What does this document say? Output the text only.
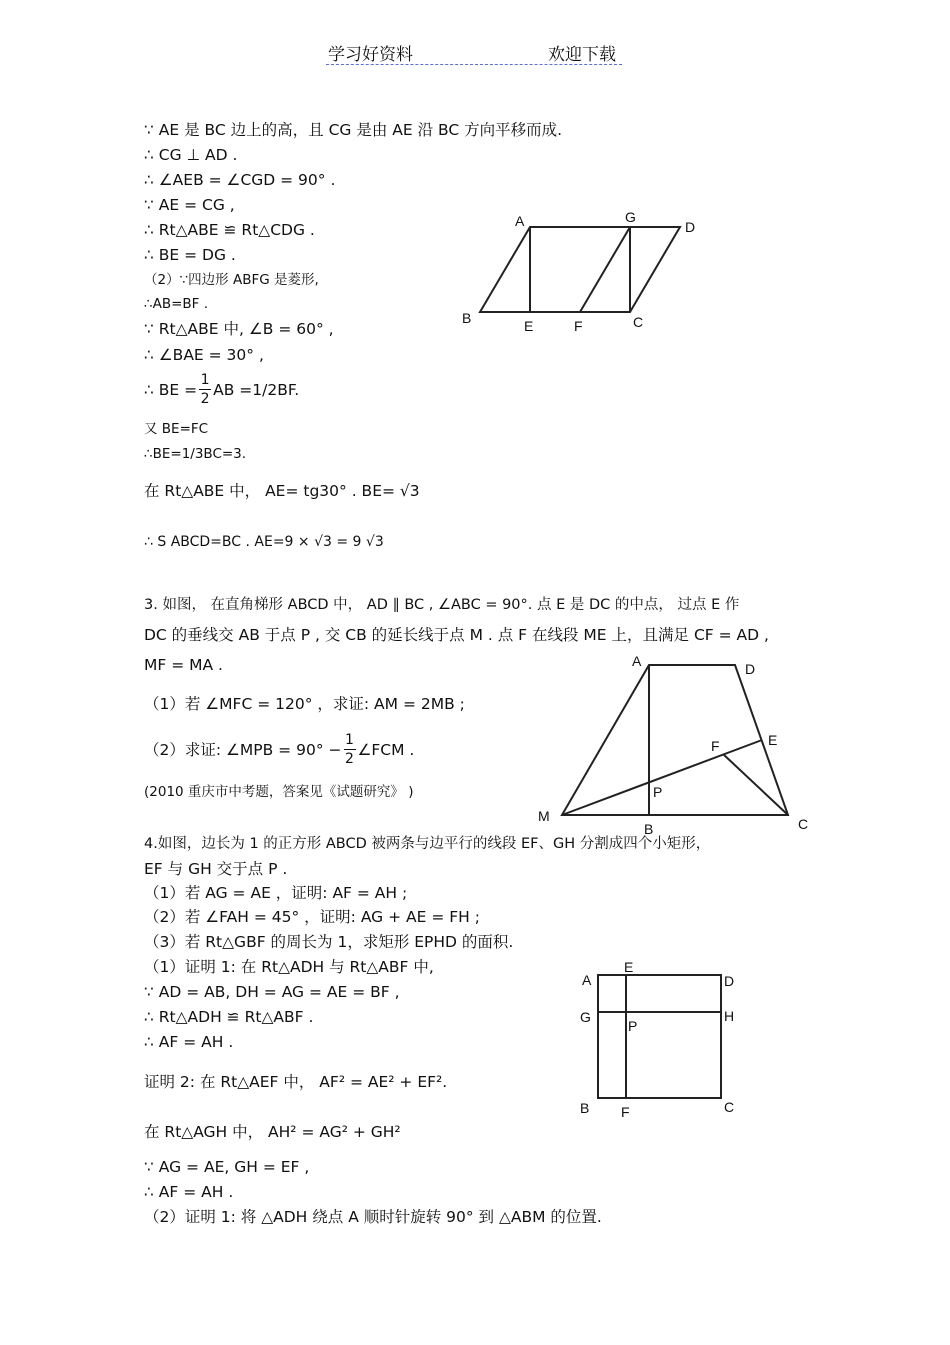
学习好资料	欢迎下载
∵ AE 是 BC 边上的高，且 CG 是由 AE 沿 BC 方向平移而成.
∴ CG ⊥ AD .
∴ ∠AEB = ∠CGD = 90° .
∵ AE = CG ,
∴ Rt△ABE ≌ Rt△CDG .
∴ BE = DG .
（2）∵四边形 ABFG 是菱形,
∴AB=BF .
∵ Rt△ABE 中, ∠B = 60° ,
∴ ∠BAE = 30° ,
∴ BE = $\frac{1}{2}$ AB =1/2BF.
又 BE=FC
∴BE=1/3BC=3.
在 Rt△ABE 中， AE= tg30° . BE= √3
∴ S ABCD=BC . AE=9 × √3 = 9 √3
3. 如图， 在直角梯形 ABCD 中， AD ∥ BC , ∠ABC = 90°. 点 E 是 DC 的中点， 过点 E 作
DC 的垂线交 AB 于点 P , 交 CB 的延长线于点 M . 点 F 在线段 ME 上，且满足 CF = AD ,
MF = MA .
（1）若 ∠MFC = 120° ，求证: AM = 2MB ;
（2）求证: ∠MPB = $90^\circ - \frac{1}{2}$ ∠FCM .
(2010 重庆市中考题，答案见《试题研究》 )
4.如图，边长为 1 的正方形 ABCD 被两条与边平行的线段 EF、GH 分割成四个小矩形，
EF 与 GH 交于点 P .
（1）若 AG = AE ，证明: AF = AH ;
（2）若 ∠FAH = 45° ，证明: AG + AE = FH ;
（3）若 Rt△GBF 的周长为 1，求矩形 EPHD 的面积.
（1）证明 1: 在 Rt△ADH 与 Rt△ABF 中,
∵ AD = AB, DH = AG = AE = BF ,
∴ Rt△ADH ≌ Rt△ABF .
∴ AF = AH .
证明 2: 在 Rt△AEF 中， AF² = AE² + EF².
在 Rt△AGH 中， AH² = AG² + GH²
∵ AG = AE, GH = EF ,
∴ AF = AH .
（2）证明 1: 将 △ADH 绕点 A 顺时针旋转 90° 到 △ABM 的位置.
A	G
D
B	E	F	C
A	D
E
F
P
M
B	C
A
E
D
G
P
H
B F	C
